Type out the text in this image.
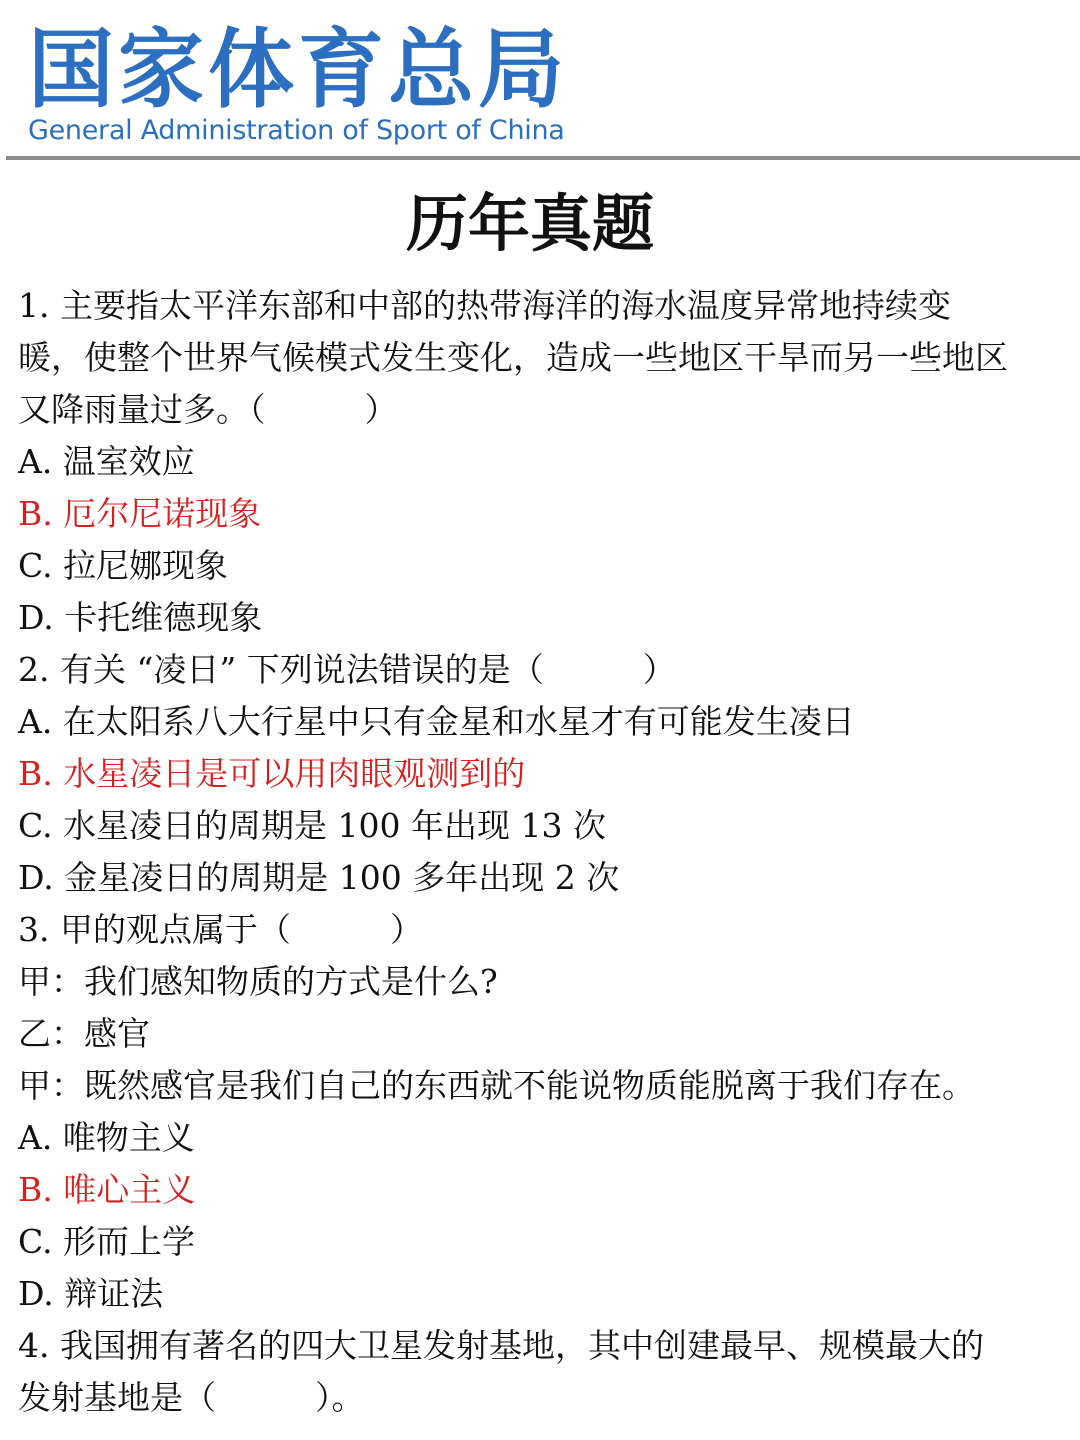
国家体育总局
General Administration of Sport of China
历年真题

1. 主要指太平洋东部和中部的热带海洋的海水温度异常地持续变

暖，使整个世界气候模式发生变化，造成一些地区干旱而另一些地区

又降雨量过多。（　　　）

A. 温室效应

B. 厄尔尼诺现象

C. 拉尼娜现象

D. 卡托维德现象

2. 有关 “凌日” 下列说法错误的是（　　　）

A. 在太阳系八大行星中只有金星和水星才有可能发生凌日

B. 水星凌日是可以用肉眼观测到的

C. 水星凌日的周期是 100 年出现 13 次

D. 金星凌日的周期是 100 多年出现 2 次

3. 甲的观点属于（　　　）

甲：我们感知物质的方式是什么?

乙：感官

甲：既然感官是我们自己的东西就不能说物质能脱离于我们存在。

A. 唯物主义

B. 唯心主义

C. 形而上学

D. 辩证法

4. 我国拥有著名的四大卫星发射基地，其中创建最早、规模最大的

发射基地是（　　　）。
